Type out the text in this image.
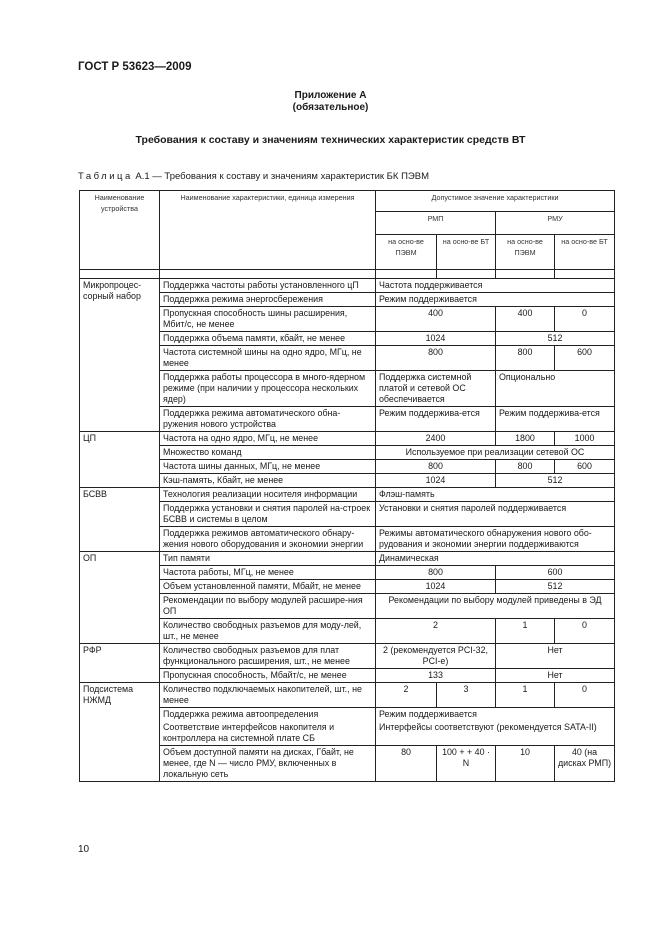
ГОСТ Р 53623—2009
Приложение А
(обязательное)
Требования к составу и значениям технических характеристик средств ВТ
Таблица А.1 — Требования к составу и значениям характеристик БК ПЭВМ
Наименование устройства	Наименование характеристики, единица измерения	Допустимое значение характеристики			
		РМП		РМУ	
		на осно-ве ПЭВМ	на осно-ве БТ	на осно-ве ПЭВМ	на осно-ве БТ

Микропроцес-сорный набор	Поддержка частоты работы установленного цП	Частота поддерживается			
	Поддержка режима энергосбережения	Режим поддерживается			
	Пропускная способность шины расширения, Мбит/с, не менее	400		400	0
	Поддержка объема памяти, кбайт, не менее	1024		512	
	Частота системной шины на одно ядро, МГц, не менее	800		800	600
	Поддержка работы процессора в много-ядерном режиме (при наличии у процессора нескольких ядер)	Поддержка системной платой и сетевой ОС обеспечивается		Опционально	
	Поддержка режима автоматического обна-ружения нового устройства	Режим поддержива-ется		Режим поддержива-ется	
ЦП	Частота на одно ядро, МГц, не менее	2400		1800	1000
	Множество команд	Используемое при реализации сетевой ОС			
	Частота шины данных, МГц, не менее	800		800	600
	Кэш-память, Кбайт, не менее	1024		512	
БСВВ	Технология реализации носителя информации	Флэш-память			
	Поддержка установки и снятия паролей на-строек БСВВ и системы в целом	Установки и снятия паролей поддерживается			
	Поддержка режимов автоматического обнару-жения нового оборудования и экономии энергии	Режимы автоматического обнаружения нового обо-рудования и экономии энергии поддерживаются			
ОП	Тип памяти	Динамическая			
	Частота работы, МГц, не менее	800		600	
	Объем установленной памяти, Мбайт, не менее	1024		512	
	Рекомендации по выбору модулей расшире-ния ОП	Рекомендации по выбору модулей приведены в ЭД			
	Количество свободных разъемов для моду-лей, шт., не менее	2		1	0
РФР	Количество свободных разъемов для плат функционального расширения, шт., не менее	2 (рекомендуется PCI-32, PCI-e)		Нет	
	Пропускная способность, Мбайт/с, не менее	133		Нет	
Подсистема НЖМД	Количество подключаемых накопителей, шт., не менее	2	3	1	0
	Поддержка режима автоопределения	Режим поддерживается			
	Соответствие интерфейсов накопителя и контроллера на системной плате СБ	Интерфейсы соответствуют (рекомендуется SATA-II)			
	Объем доступной памяти на дисках, Гбайт, не менее, где N — число РМУ, включенных в локальную сеть	80	100 + + 40 · N	10	40 (на дисках РМП)
10
